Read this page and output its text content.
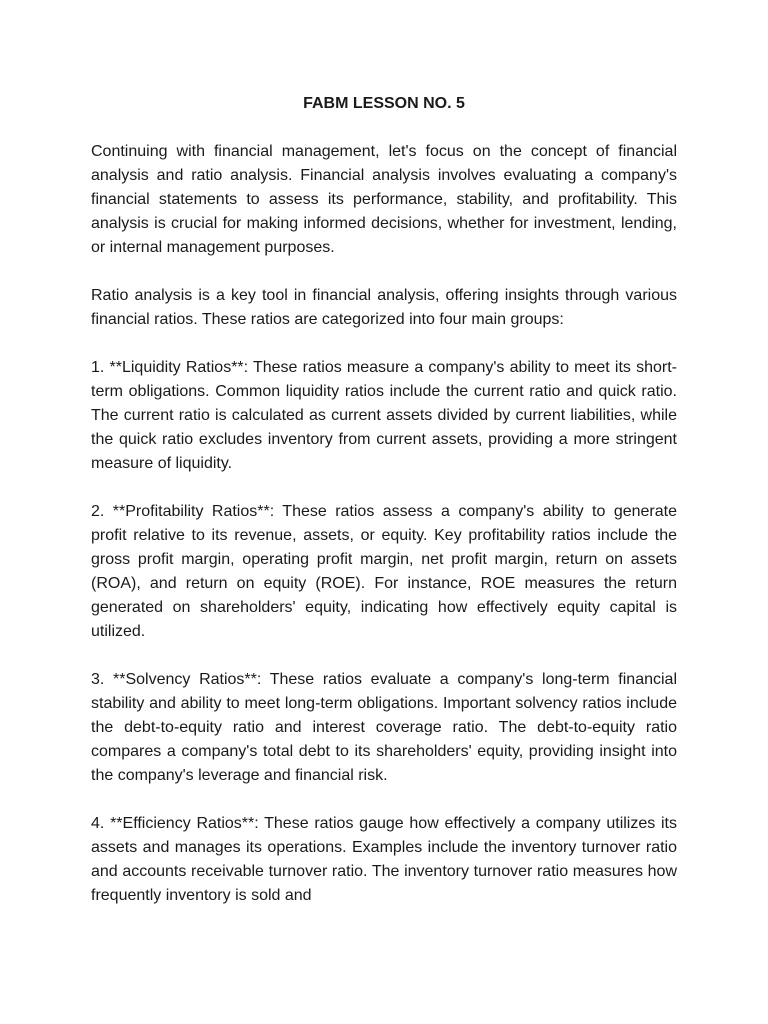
FABM LESSON NO. 5

Continuing with financial management, let's focus on the concept of financial analysis and ratio analysis. Financial analysis involves evaluating a company's financial statements to assess its performance, stability, and profitability. This analysis is crucial for making informed decisions, whether for investment, lending, or internal management purposes.

Ratio analysis is a key tool in financial analysis, offering insights through various financial ratios. These ratios are categorized into four main groups:

1. **Liquidity Ratios**: These ratios measure a company's ability to meet its short-term obligations. Common liquidity ratios include the current ratio and quick ratio. The current ratio is calculated as current assets divided by current liabilities, while the quick ratio excludes inventory from current assets, providing a more stringent measure of liquidity.

2. **Profitability Ratios**: These ratios assess a company's ability to generate profit relative to its revenue, assets, or equity. Key profitability ratios include the gross profit margin, operating profit margin, net profit margin, return on assets (ROA), and return on equity (ROE). For instance, ROE measures the return generated on shareholders' equity, indicating how effectively equity capital is utilized.

3. **Solvency Ratios**: These ratios evaluate a company's long-term financial stability and ability to meet long-term obligations. Important solvency ratios include the debt-to-equity ratio and interest coverage ratio. The debt-to-equity ratio compares a company's total debt to its shareholders' equity, providing insight into the company's leverage and financial risk.

4. **Efficiency Ratios**: These ratios gauge how effectively a company utilizes its assets and manages its operations. Examples include the inventory turnover ratio and accounts receivable turnover ratio. The inventory turnover ratio measures how frequently inventory is sold and
